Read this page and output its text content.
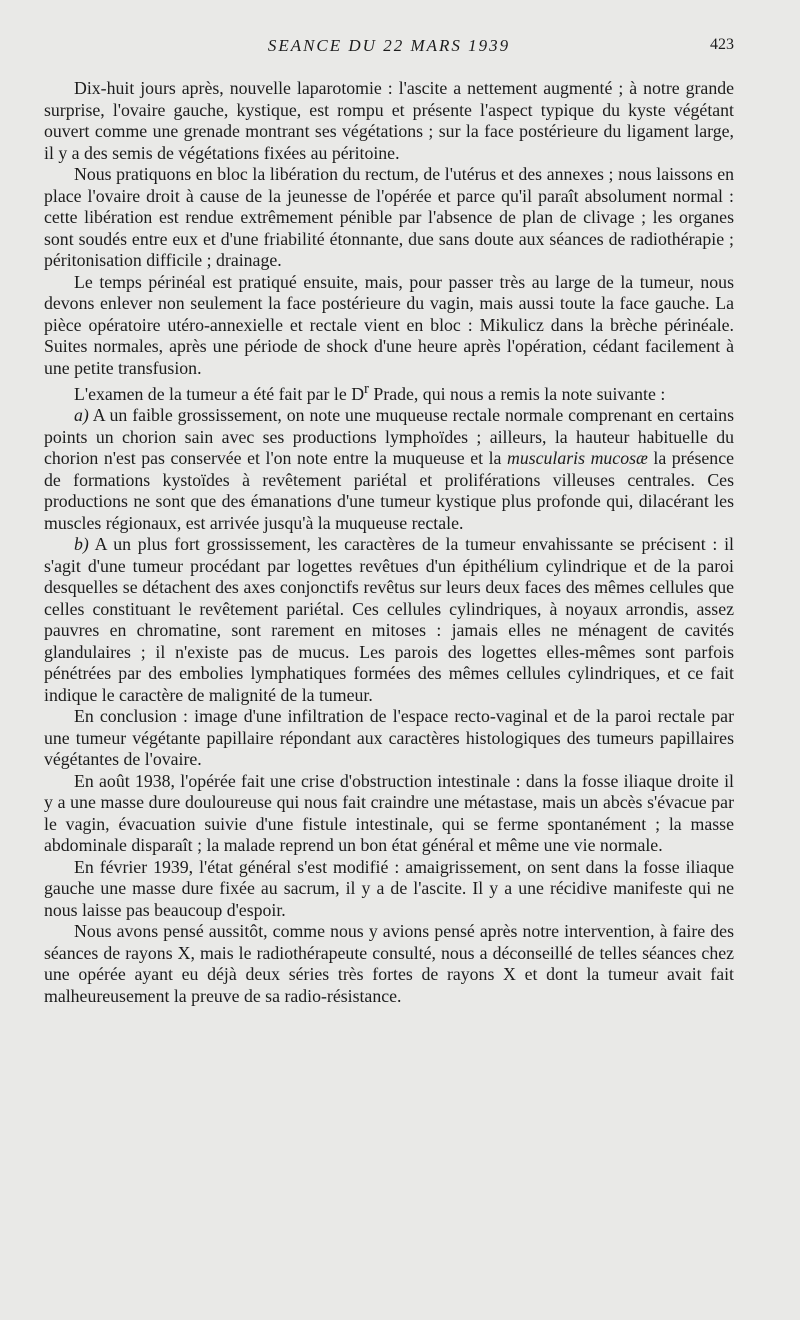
SEANCE DU 22 MARS 1939	423

Dix-huit jours après, nouvelle laparotomie : l'ascite a nettement augmenté ; à notre grande surprise, l'ovaire gauche, kystique, est rompu et présente l'aspect typique du kyste végétant ouvert comme une grenade montrant ses végétations ; sur la face postérieure du ligament large, il y a des semis de végétations fixées au péritoine.

Nous pratiquons en bloc la libération du rectum, de l'utérus et des annexes ; nous laissons en place l'ovaire droit à cause de la jeunesse de l'opérée et parce qu'il paraît absolument normal : cette libération est rendue extrêmement pénible par l'absence de plan de clivage ; les organes sont soudés entre eux et d'une friabilité étonnante, due sans doute aux séances de radiothérapie ; péritonisation difficile ; drainage.

Le temps périnéal est pratiqué ensuite, mais, pour passer très au large de la tumeur, nous devons enlever non seulement la face postérieure du vagin, mais aussi toute la face gauche. La pièce opératoire utéro-annexielle et rectale vient en bloc : Mikulicz dans la brèche périnéale. Suites normales, après une période de shock d'une heure après l'opération, cédant facilement à une petite transfusion.

L'examen de la tumeur a été fait par le $D^r$ Prade, qui nous a remis la note suivante :

a) A un faible grossissement, on note une muqueuse rectale normale comprenant en certains points un chorion sain avec ses productions lymphoïdes ; ailleurs, la hauteur habituelle du chorion n'est pas conservée et l'on note entre la muqueuse et la muscularis mucosæ la présence de formations kystoïdes à revêtement pariétal et proliférations villeuses centrales. Ces productions ne sont que des émanations d'une tumeur kystique plus profonde qui, dilacérant les muscles régionaux, est arrivée jusqu'à la muqueuse rectale.

b) A un plus fort grossissement, les caractères de la tumeur envahissante se précisent : il s'agit d'une tumeur procédant par logettes revêtues d'un épithélium cylindrique et de la paroi desquelles se détachent des axes conjonctifs revêtus sur leurs deux faces des mêmes cellules que celles constituant le revêtement pariétal. Ces cellules cylindriques, à noyaux arrondis, assez pauvres en chromatine, sont rarement en mitoses : jamais elles ne ménagent de cavités glandulaires ; il n'existe pas de mucus. Les parois des logettes elles-mêmes sont parfois pénétrées par des embolies lymphatiques formées des mêmes cellules cylindriques, et ce fait indique le caractère de malignité de la tumeur.

En conclusion : image d'une infiltration de l'espace recto-vaginal et de la paroi rectale par une tumeur végétante papillaire répondant aux caractères histologiques des tumeurs papillaires végétantes de l'ovaire.

En août 1938, l'opérée fait une crise d'obstruction intestinale : dans la fosse iliaque droite il y a une masse dure douloureuse qui nous fait craindre une métastase, mais un abcès s'évacue par le vagin, évacuation suivie d'une fistule intestinale, qui se ferme spontanément ; la masse abdominale disparaît ; la malade reprend un bon état général et même une vie normale.

En février 1939, l'état général s'est modifié : amaigrissement, on sent dans la fosse iliaque gauche une masse dure fixée au sacrum, il y a de l'ascite. Il y a une récidive manifeste qui ne nous laisse pas beaucoup d'espoir.

Nous avons pensé aussitôt, comme nous y avions pensé après notre intervention, à faire des séances de rayons X, mais le radiothérapeute consulté, nous a déconseillé de telles séances chez une opérée ayant eu déjà deux séries très fortes de rayons X et dont la tumeur avait fait malheureusement la preuve de sa radio-résistance.
